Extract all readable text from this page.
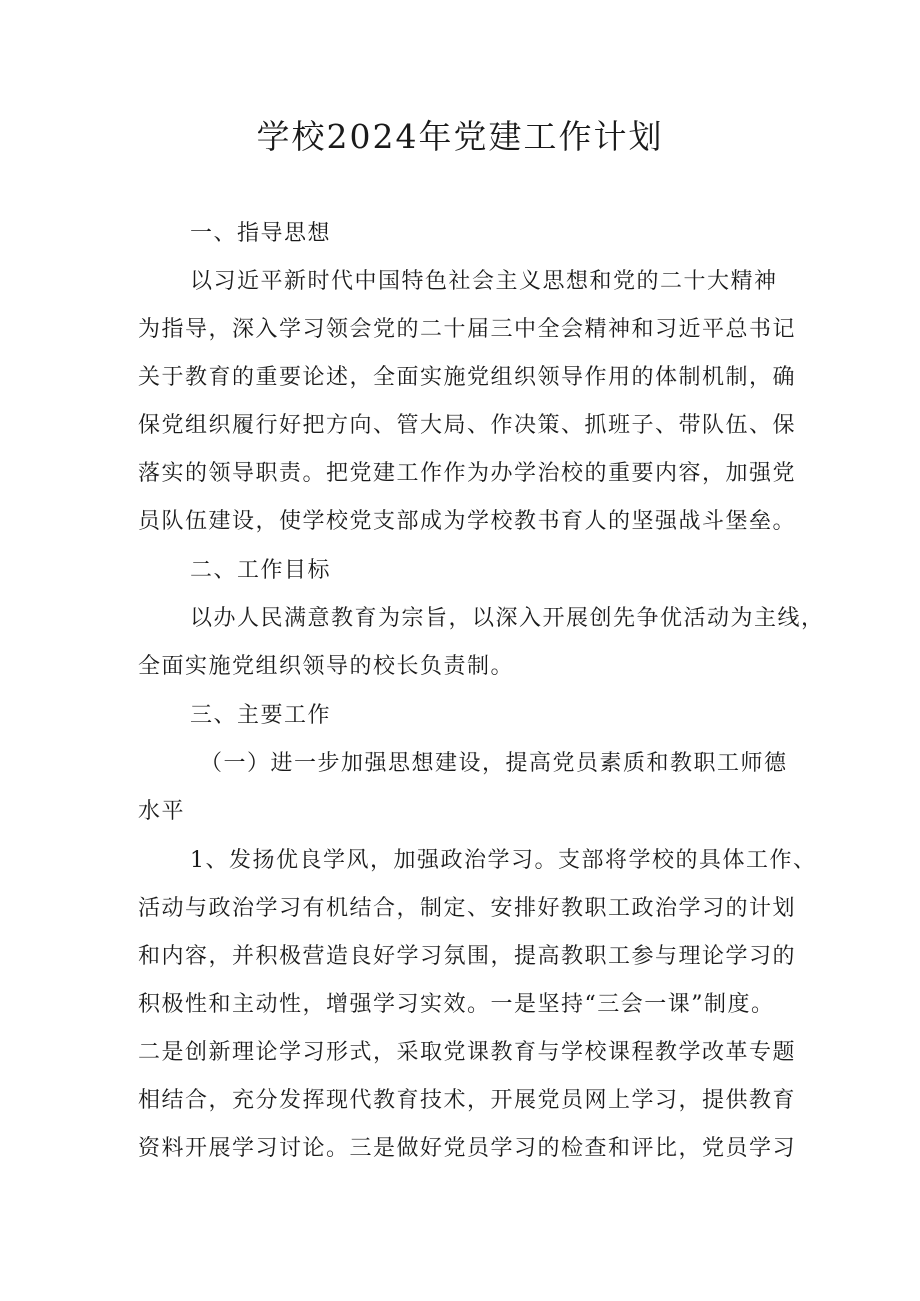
学校2024年党建工作计划
一、指导思想
以习近平新时代中国特色社会主义思想和党的二十大精神
为指导，深入学习领会党的二十届三中全会精神和习近平总书记
关于教育的重要论述，全面实施党组织领导作用的体制机制，确
保党组织履行好把方向、管大局、作决策、抓班子、带队伍、保
落实的领导职责。把党建工作作为办学治校的重要内容，加强党
员队伍建设，使学校党支部成为学校教书育人的坚强战斗堡垒。
二、工作目标
以办人民满意教育为宗旨，以深入开展创先争优活动为主线，
全面实施党组织领导的校长负责制。
三、主要工作
（一）进一步加强思想建设，提高党员素质和教职工师德
水平
1、发扬优良学风，加强政治学习。支部将学校的具体工作、
活动与政治学习有机结合，制定、安排好教职工政治学习的计划
和内容，并积极营造良好学习氛围，提高教职工参与理论学习的
积极性和主动性，增强学习实效。一是坚持“三会一课”制度。
二是创新理论学习形式，采取党课教育与学校课程教学改革专题
相结合，充分发挥现代教育技术，开展党员网上学习，提供教育
资料开展学习讨论。三是做好党员学习的检查和评比，党员学习
